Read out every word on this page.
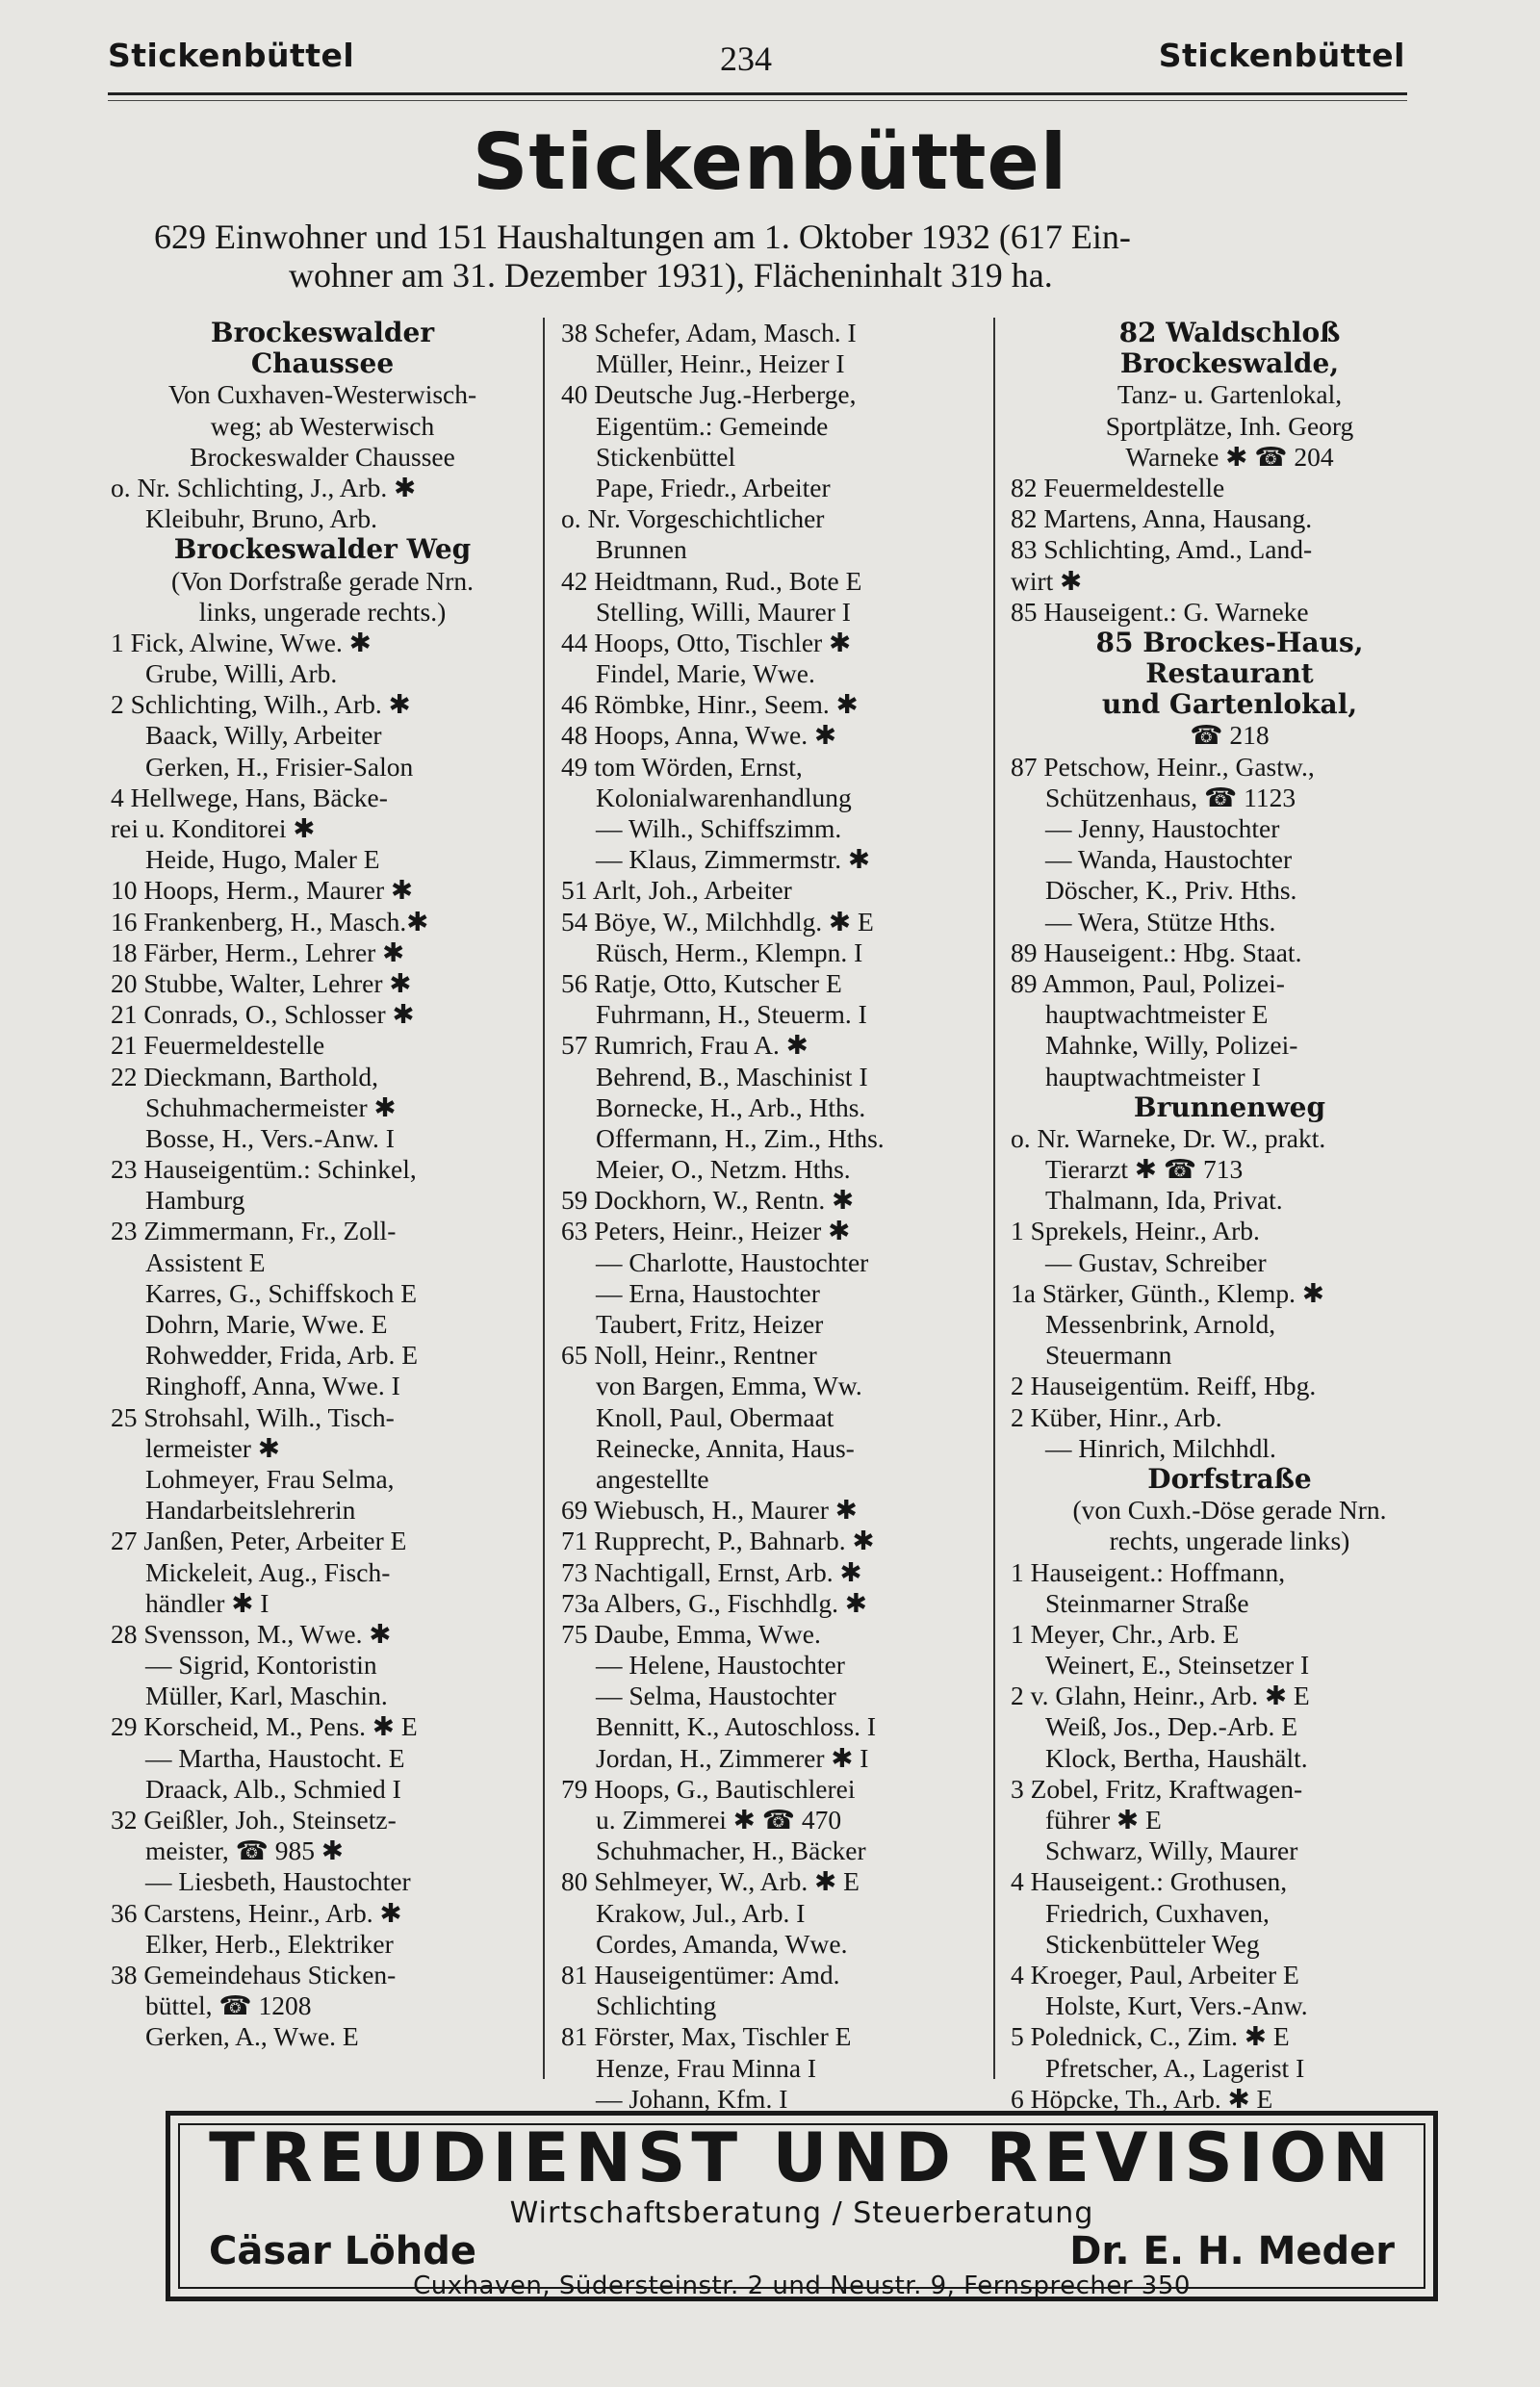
Stickenbüttel	234	Stickenbüttel
Stickenbüttel
629 Einwohner und 151 Haushaltungen am 1. Oktober 1932 (617 Ein-
wohner am 31. Dezember 1931), Flächeninhalt 319 ha.
Brockeswalder
Chaussee
Von Cuxhaven-Westerwisch-
weg; ab Westerwisch
Brockeswalder Chaussee
o. Nr. Schlichting, J., Arb. ✱
Kleibuhr, Bruno, Arb.
Brockeswalder Weg
(Von Dorfstraße gerade Nrn.
links, ungerade rechts.)
1 Fick, Alwine, Wwe. ✱
Grube, Willi, Arb.
2 Schlichting, Wilh., Arb. ✱
Baack, Willy, Arbeiter
Gerken, H., Frisier-Salon
4 Hellwege, Hans, Bäcke-
rei u. Konditorei ✱
Heide, Hugo, Maler E
10 Hoops, Herm., Maurer ✱
16 Frankenberg, H., Masch.✱
18 Färber, Herm., Lehrer ✱
20 Stubbe, Walter, Lehrer ✱
21 Conrads, O., Schlosser ✱
21 Feuermeldestelle
22 Dieckmann, Barthold,
Schuhmachermeister ✱
Bosse, H., Vers.-Anw. I
23 Hauseigentüm.: Schinkel,
Hamburg
23 Zimmermann, Fr., Zoll-
Assistent E
Karres, G., Schiffskoch E
Dohrn, Marie, Wwe. E
Rohwedder, Frida, Arb. E
Ringhoff, Anna, Wwe. I
25 Strohsahl, Wilh., Tisch-
lermeister ✱
Lohmeyer, Frau Selma,
Handarbeitslehrerin
27 Janßen, Peter, Arbeiter E
Mickeleit, Aug., Fisch-
händler ✱ I
28 Svensson, M., Wwe. ✱
— Sigrid, Kontoristin
Müller, Karl, Maschin.
29 Korscheid, M., Pens. ✱ E
— Martha, Haustocht. E
Draack, Alb., Schmied I
32 Geißler, Joh., Steinsetz-
meister, ☎ 985 ✱
— Liesbeth, Haustochter
36 Carstens, Heinr., Arb. ✱
Elker, Herb., Elektriker
38 Gemeindehaus Sticken-
büttel, ☎ 1208
Gerken, A., Wwe. E
38 Schefer, Adam, Masch. I
Müller, Heinr., Heizer I
40 Deutsche Jug.-Herberge,
Eigentüm.: Gemeinde
Stickenbüttel
Pape, Friedr., Arbeiter
o. Nr. Vorgeschichtlicher
Brunnen
42 Heidtmann, Rud., Bote E
Stelling, Willi, Maurer I
44 Hoops, Otto, Tischler ✱
Findel, Marie, Wwe.
46 Römbke, Hinr., Seem. ✱
48 Hoops, Anna, Wwe. ✱
49 tom Wörden, Ernst,
Kolonialwarenhandlung
— Wilh., Schiffszimm.
— Klaus, Zimmermstr. ✱
51 Arlt, Joh., Arbeiter
54 Böye, W., Milchhdlg. ✱ E
Rüsch, Herm., Klempn. I
56 Ratje, Otto, Kutscher E
Fuhrmann, H., Steuerm. I
57 Rumrich, Frau A. ✱
Behrend, B., Maschinist I
Bornecke, H., Arb., Hths.
Offermann, H., Zim., Hths.
Meier, O., Netzm. Hths.
59 Dockhorn, W., Rentn. ✱
63 Peters, Heinr., Heizer ✱
— Charlotte, Haustochter
— Erna, Haustochter
Taubert, Fritz, Heizer
65 Noll, Heinr., Rentner
von Bargen, Emma, Ww.
Knoll, Paul, Obermaat
Reinecke, Annita, Haus-
angestellte
69 Wiebusch, H., Maurer ✱
71 Rupprecht, P., Bahnarb. ✱
73 Nachtigall, Ernst, Arb. ✱
73a Albers, G., Fischhdlg. ✱
75 Daube, Emma, Wwe.
— Helene, Haustochter
— Selma, Haustochter
Bennitt, K., Autoschloss. I
Jordan, H., Zimmerer ✱ I
79 Hoops, G., Bautischlerei
u. Zimmerei ✱ ☎ 470
Schuhmacher, H., Bäcker
80 Sehlmeyer, W., Arb. ✱ E
Krakow, Jul., Arb. I
Cordes, Amanda, Wwe.
81 Hauseigentümer: Amd.
Schlichting
81 Förster, Max, Tischler E
Henze, Frau Minna I
— Johann, Kfm. I
82 Waldschloß
Brockeswalde,
Tanz- u. Gartenlokal,
Sportplätze, Inh. Georg
Warneke ✱ ☎ 204
82 Feuermeldestelle
82 Martens, Anna, Hausang.
83 Schlichting, Amd., Land-
wirt ✱
85 Hauseigent.: G. Warneke
85 Brockes-Haus,
Restaurant
und Gartenlokal,
☎ 218
87 Petschow, Heinr., Gastw.,
Schützenhaus, ☎ 1123
— Jenny, Haustochter
— Wanda, Haustochter
Döscher, K., Priv. Hths.
— Wera, Stütze Hths.
89 Hauseigent.: Hbg. Staat.
89 Ammon, Paul, Polizei-
hauptwachtmeister E
Mahnke, Willy, Polizei-
hauptwachtmeister I
Brunnenweg
o. Nr. Warneke, Dr. W., prakt.
Tierarzt ✱ ☎ 713
Thalmann, Ida, Privat.
1 Sprekels, Heinr., Arb.
— Gustav, Schreiber
1a Stärker, Günth., Klemp. ✱
Messenbrink, Arnold,
Steuermann
2 Hauseigentüm. Reiff, Hbg.
2 Küber, Hinr., Arb.
— Hinrich, Milchhdl.
Dorfstraße
(von Cuxh.-Döse gerade Nrn.
rechts, ungerade links)
1 Hauseigent.: Hoffmann,
Steinmarner Straße
1 Meyer, Chr., Arb. E
Weinert, E., Steinsetzer I
2 v. Glahn, Heinr., Arb. ✱ E
Weiß, Jos., Dep.-Arb. E
Klock, Bertha, Haushält.
3 Zobel, Fritz, Kraftwagen-
führer ✱ E
Schwarz, Willy, Maurer
4 Hauseigent.: Grothusen,
Friedrich, Cuxhaven,
Stickenbütteler Weg
4 Kroeger, Paul, Arbeiter E
Holste, Kurt, Vers.-Anw.
5 Polednick, C., Zim. ✱ E
Pfretscher, A., Lagerist I
6 Höpcke, Th., Arb. ✱ E
TREUDIENST UND REVISION
Wirtschaftsberatung / Steuerberatung
Cäsar Löhde	Dr. E. H. Meder
Cuxhaven, Südersteinstr. 2 und Neustr. 9, Fernsprecher 350
